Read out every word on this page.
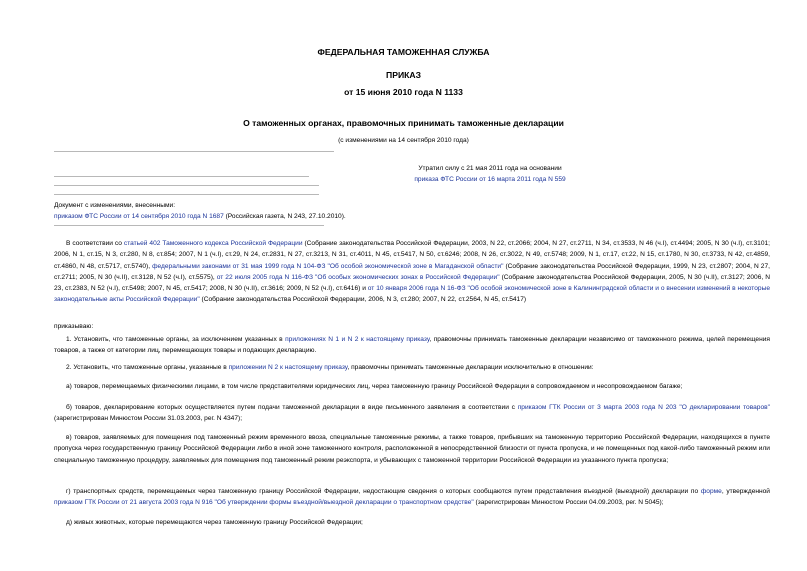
ФЕДЕРАЛЬНАЯ ТАМОЖЕННАЯ СЛУЖБА
ПРИКАЗ
от 15 июня 2010 года N 1133
О таможенных органах, правомочных принимать таможенные декларации
(с изменениями на 14 сентября 2010 года)
Утратил силу с 21 мая 2011 года на основании
приказа ФТС России от 16 марта 2011 года N 559
Документ с изменениями, внесенными:
приказом ФТС России от 14 сентября 2010 года N 1687 (Российская газета, N 243, 27.10.2010).
В соответствии со статьей 402 Таможенного кодекса Российской Федерации (Собрание законодательства Российской Федерации, 2003, N 22, ст.2066; 2004, N 27, ст.2711, N 34, ст.3533, N 46 (ч.I), ст.4494; 2005, N 30 (ч.I), ст.3101; 2006, N 1, ст.15, N 3, ст.280, N 8, ст.854; 2007, N 1 (ч.I), ст.29, N 24, ст.2831, N 27, ст.3213, N 31, ст.4011, N 45, ст.5417, N 50, ст.6246; 2008, N 26, ст.3022, N 49, ст.5748; 2009, N 1, ст.17, ст.22, N 15, ст.1780, N 30, ст.3733, N 42, ст.4859, ст.4860, N 48, ст.5717, ст.5740), федеральными законами от 31 мая 1999 года N 104-ФЗ "Об особой экономической зоне в Магаданской области" (Собрание законодательства Российской Федерации, 1999, N 23, ст.2807; 2004, N 27, ст.2711; 2005, N 30 (ч.II), ст.3128, N 52 (ч.I), ст.5575), от 22 июля 2005 года N 116-ФЗ "Об особых экономических зонах в Российской Федерации" (Собрание законодательства Российской Федерации, 2005, N 30 (ч.II), ст.3127; 2006, N 23, ст.2383, N 52 (ч.I), ст.5498; 2007, N 45, ст.5417; 2008, N 30 (ч.II), ст.3616; 2009, N 52 (ч.I), ст.6416) и от 10 января 2006 года N 16-ФЗ "Об особой экономической зоне в Калининградской области и о внесении изменений в некоторые законодательные акты Российской Федерации" (Собрание законодательства Российской Федерации, 2006, N 3, ст.280; 2007, N 22, ст.2564, N 45, ст.5417)
приказываю:
1. Установить, что таможенные органы, за исключением указанных в приложениях N 1 и N 2 к настоящему приказу, правомочны принимать таможенные декларации независимо от таможенного режима, целей перемещения товаров, а также от категории лиц, перемещающих товары и подающих декларацию.
2. Установить, что таможенные органы, указанные в приложении N 2 к настоящему приказу, правомочны принимать таможенные декларации исключительно в отношении:
а) товаров, перемещаемых физическими лицами, в том числе представителями юридических лиц, через таможенную границу Российской Федерации в сопровождаемом и несопровождаемом багаже;
б) товаров, декларирование которых осуществляется путем подачи таможенной декларации в виде письменного заявления в соответствии с приказом ГТК России от 3 марта 2003 года N 203 "О декларировании товаров" (зарегистрирован Минюстом России 31.03.2003, рег. N 4347);
в) товаров, заявляемых для помещения под таможенный режим временного ввоза, специальные таможенные режимы, а также товаров, прибывших на таможенную территорию Российской Федерации, находящихся в пункте пропуска через государственную границу Российской Федерации либо в иной зоне таможенного контроля, расположенной в непосредственной близости от пункта пропуска, и не помещенных под какой-либо таможенный режим или специальную таможенную процедуру, заявляемых для помещения под таможенный режим реэкспорта, и убывающих с таможенной территории Российской Федерации из указанного пункта пропуска;
г) транспортных средств, перемещаемых через таможенную границу Российской Федерации, недостающие сведения о которых сообщаются путем представления въездной (выездной) декларации по форме, утвержденной приказом ГТК России от 21 августа 2003 года N 916 "Об утверждении формы въездной/выездной декларации о транспортном средстве" (зарегистрирован Минюстом России 04.09.2003, рег. N 5045);
д) живых животных, которые перемещаются через таможенную границу Российской Федерации;
